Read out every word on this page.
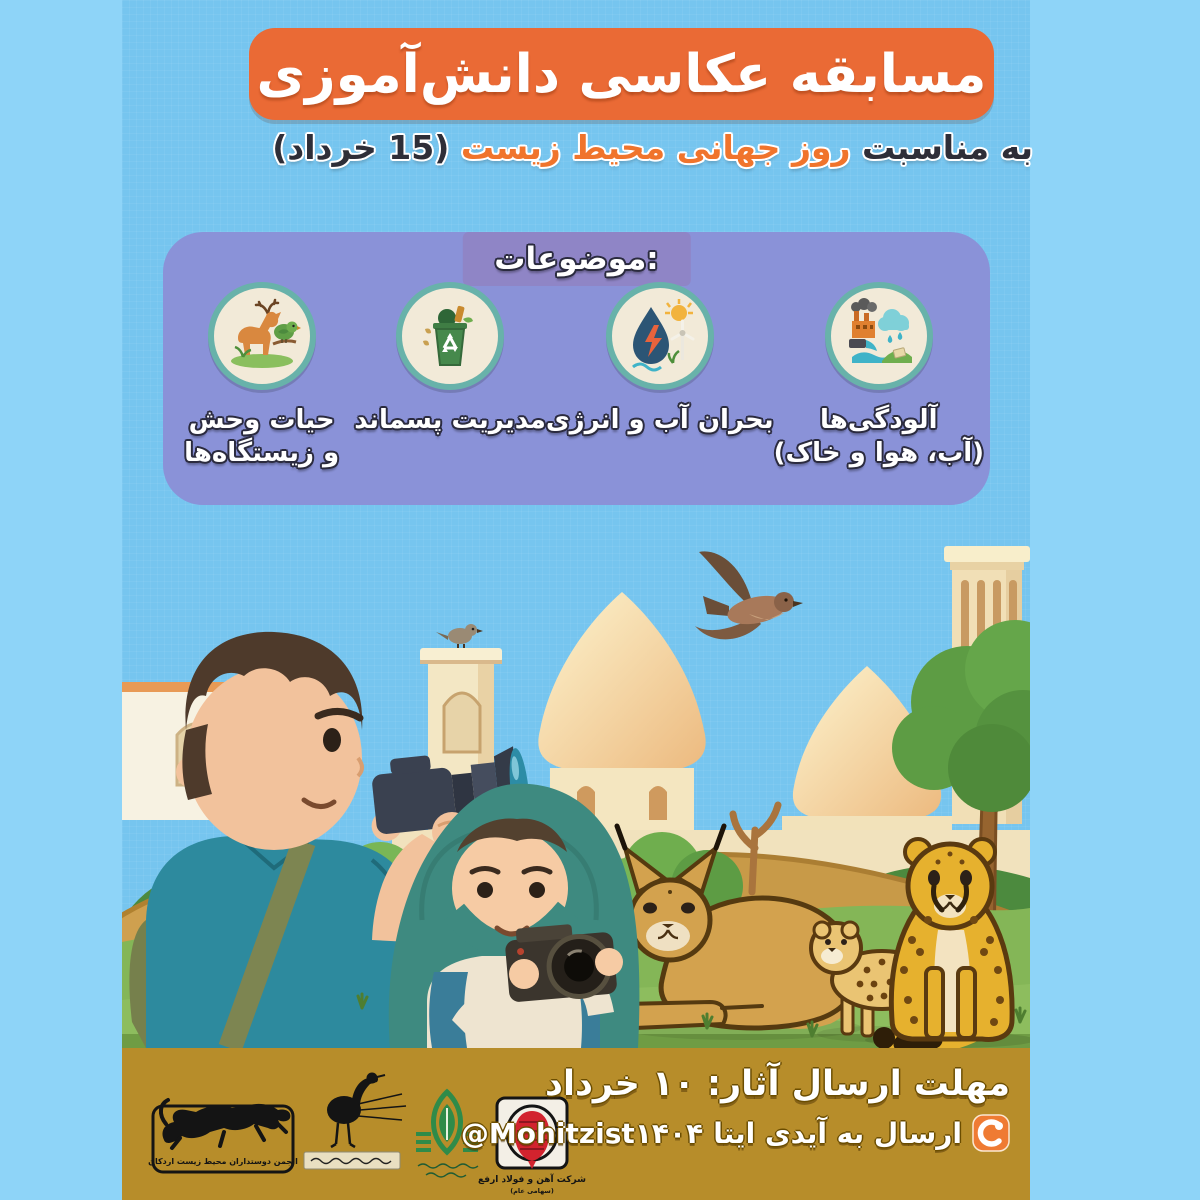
مسابقه عکاسی دانش‌آموزی
به مناسبت روز جهانی محیط زیست (15 خرداد)
موضوعات:
آلودگی‌ها
(آب، هوا و خاک)
بحران آب و انرژی
مدیریت پسماند
حیات وحش
و زیستگاه‌ها
انجمن دوستداران محیط زیست اردکان
شرکت آهن و فولاد ارفع
(سهامی عام)
مهلت ارسال آثار: ۱۰ خرداد
ارسال به آیدی ایتا
@Mohitzist۱۴۰۴
